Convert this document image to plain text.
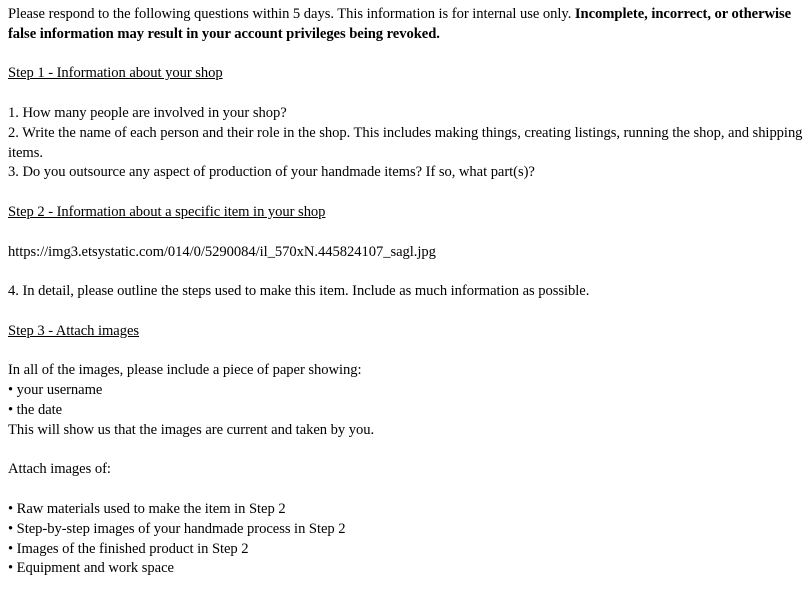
Please respond to the following questions within 5 days. This information is for internal use only. Incomplete, incorrect, or otherwise false information may result in your account privileges being revoked.

Step 1 - Information about your shop

1. How many people are involved in your shop?

2. Write the name of each person and their role in the shop. This includes making things, creating listings, running the shop, and shipping items.

3. Do you outsource any aspect of production of your handmade items? If so, what part(s)?

Step 2 - Information about a specific item in your shop

https://img3.etsystatic.com/014/0/5290084/il_570xN.445824107_sagl.jpg

4. In detail, please outline the steps used to make this item. Include as much information as possible.

Step 3 - Attach images

In all of the images, please include a piece of paper showing:

• your username

• the date

This will show us that the images are current and taken by you.

Attach images of:

• Raw materials used to make the item in Step 2

• Step-by-step images of your handmade process in Step 2

• Images of the finished product in Step 2

• Equipment and work space
